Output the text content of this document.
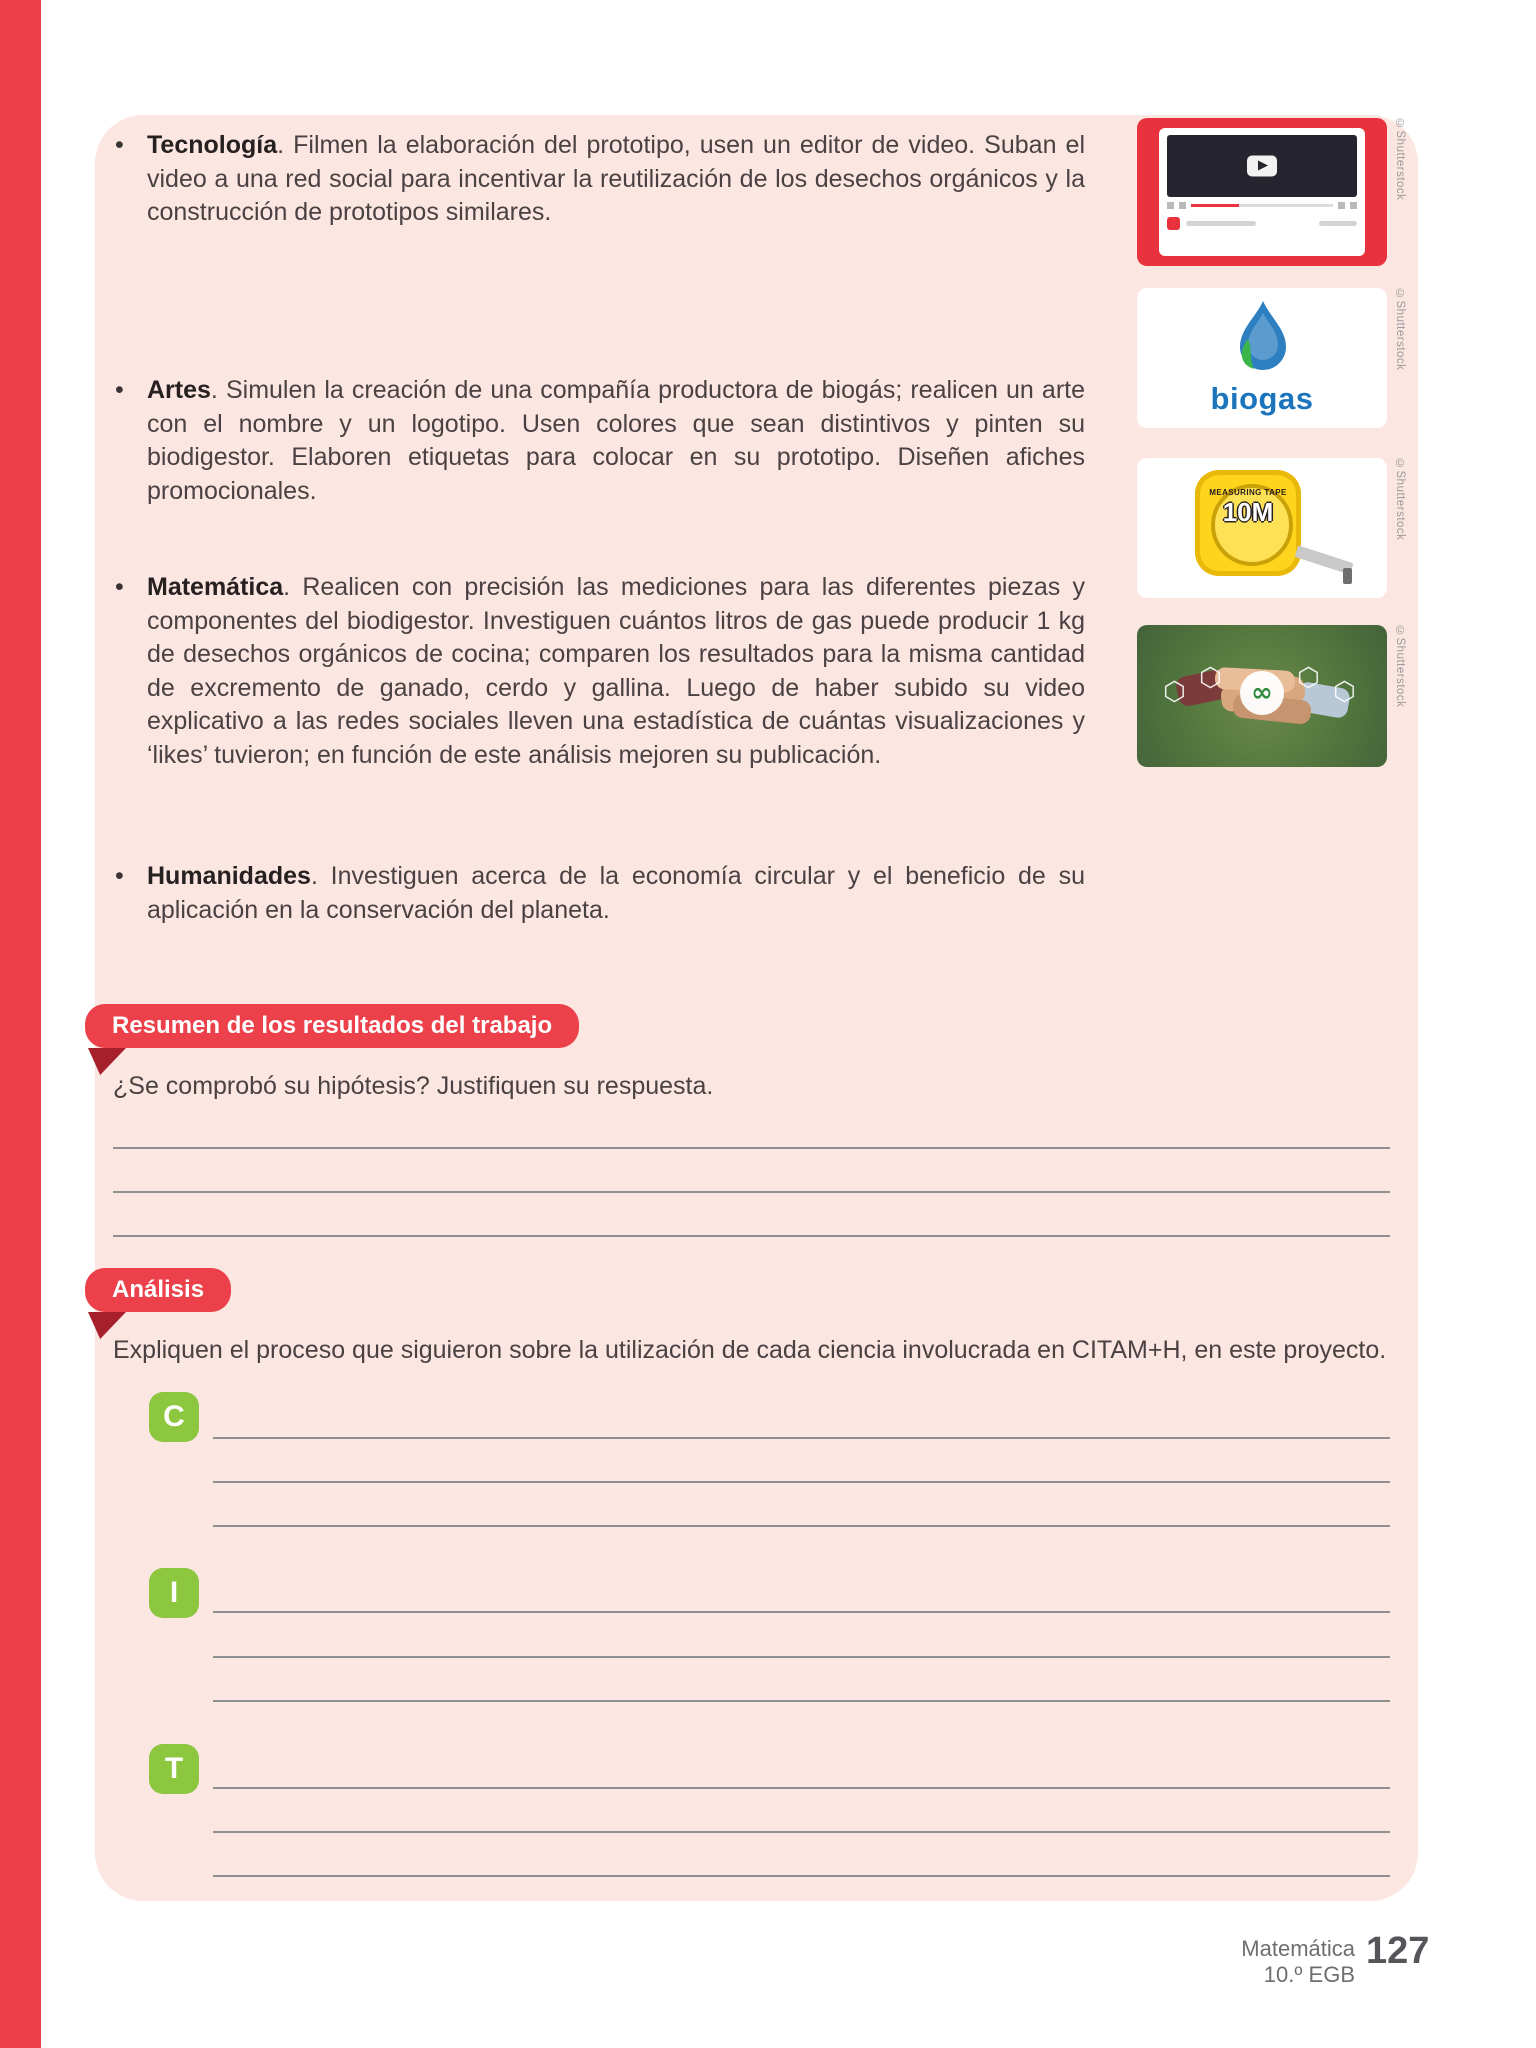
• Tecnología. Filmen la elaboración del prototipo, usen un editor de video. Suban el video a una red social para incentivar la reutilización de los desechos orgánicos y la construcción de prototipos similares.

• Artes. Simulen la creación de una compañía productora de biogás; realicen un arte con el nombre y un logotipo. Usen colores que sean distintivos y pinten su biodigestor. Elaboren etiquetas para colocar en su prototipo. Diseñen afiches promocionales.

• Matemática. Realicen con precisión las mediciones para las diferentes piezas y componentes del biodigestor. Investiguen cuántos litros de gas puede producir 1 kg de desechos orgánicos de cocina; comparen los resultados para la misma cantidad de excremento de ganado, cerdo y gallina. Luego de haber subido su video explicativo a las redes sociales lleven una estadística de cuántas visualizaciones y ‘likes’ tuvieron; en función de este análisis mejoren su publicación.

• Humanidades. Investiguen acerca de la economía circular y el beneficio de su aplicación en la conservación del planeta.

©Shutterstock
biogas
©Shutterstock
MEASURING TAPE
10M	©Shutterstock
⬡ ⬡	⬡ ⬡
∞	©Shutterstock
Resumen de los resultados del trabajo

¿Se comprobó su hipótesis? Justifiquen su respuesta.

Análisis

Expliquen el proceso que siguieron sobre la utilización de cada ciencia involucrada en CITAM+H, en este proyecto.

C
I
T
Matemática
10.º EGB
127
